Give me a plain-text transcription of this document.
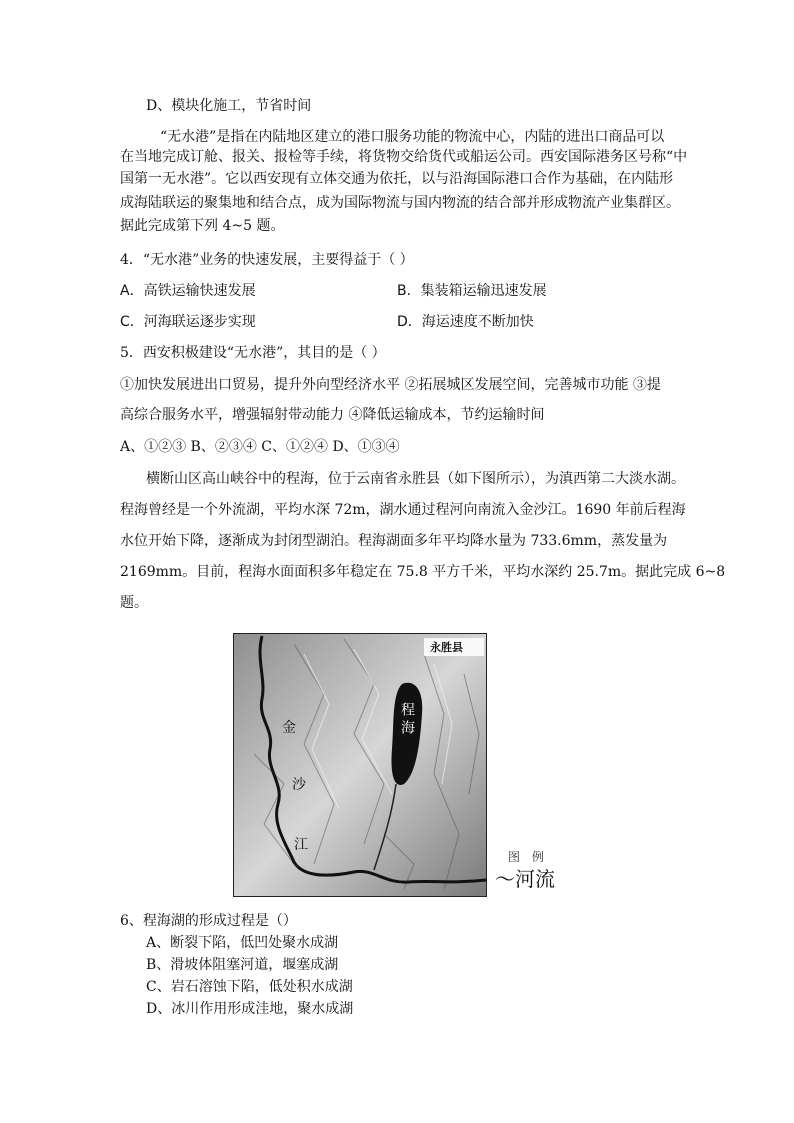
D、模块化施工，节省时间
“无水港”是指在内陆地区建立的港口服务功能的物流中心，内陆的进出口商品可以
在当地完成订舱、报关、报检等手续，将货物交给货代或船运公司。西安国际港务区号称“中
国第一无水港”。它以西安现有立体交通为依托，以与沿海国际港口合作为基础，在内陆形
成海陆联运的聚集地和结合点，成为国际物流与国内物流的结合部并形成物流产业集群区。
据此完成第下列 4~5 题。
4．“无水港”业务的快速发展，主要得益于（ ）
A．高铁运输快速发展	B．集装箱运输迅速发展
C．河海联运逐步实现	D．海运速度不断加快
5．西安积极建设“无水港”，其目的是（ ）
①加快发展进出口贸易，提升外向型经济水平 ②拓展城区发展空间，完善城市功能 ③提
高综合服务水平，增强辐射带动能力 ④降低运输成本，节约运输时间
A、①②③ B、②③④ C、①②④ D、①③④
横断山区高山峡谷中的程海，位于云南省永胜县（如下图所示），为滇西第二大淡水湖。
程海曾经是一个外流湖，平均水深 72m，湖水通过程河向南流入金沙江。1690 年前后程海
水位开始下降，逐渐成为封闭型湖泊。程海湖面多年平均降水量为 733.6mm，蒸发量为
2169mm。目前，程海水面面积多年稳定在 75.8 平方千米，平均水深约 25.7m。据此完成 6~8
题。
永胜县
程海
金
沙
江
图 例
〜河流
6、程海湖的形成过程是（）
A、断裂下陷，低凹处聚水成湖
B、滑坡体阻塞河道，堰塞成湖
C、岩石溶蚀下陷，低处积水成湖
D、冰川作用形成洼地，聚水成湖
